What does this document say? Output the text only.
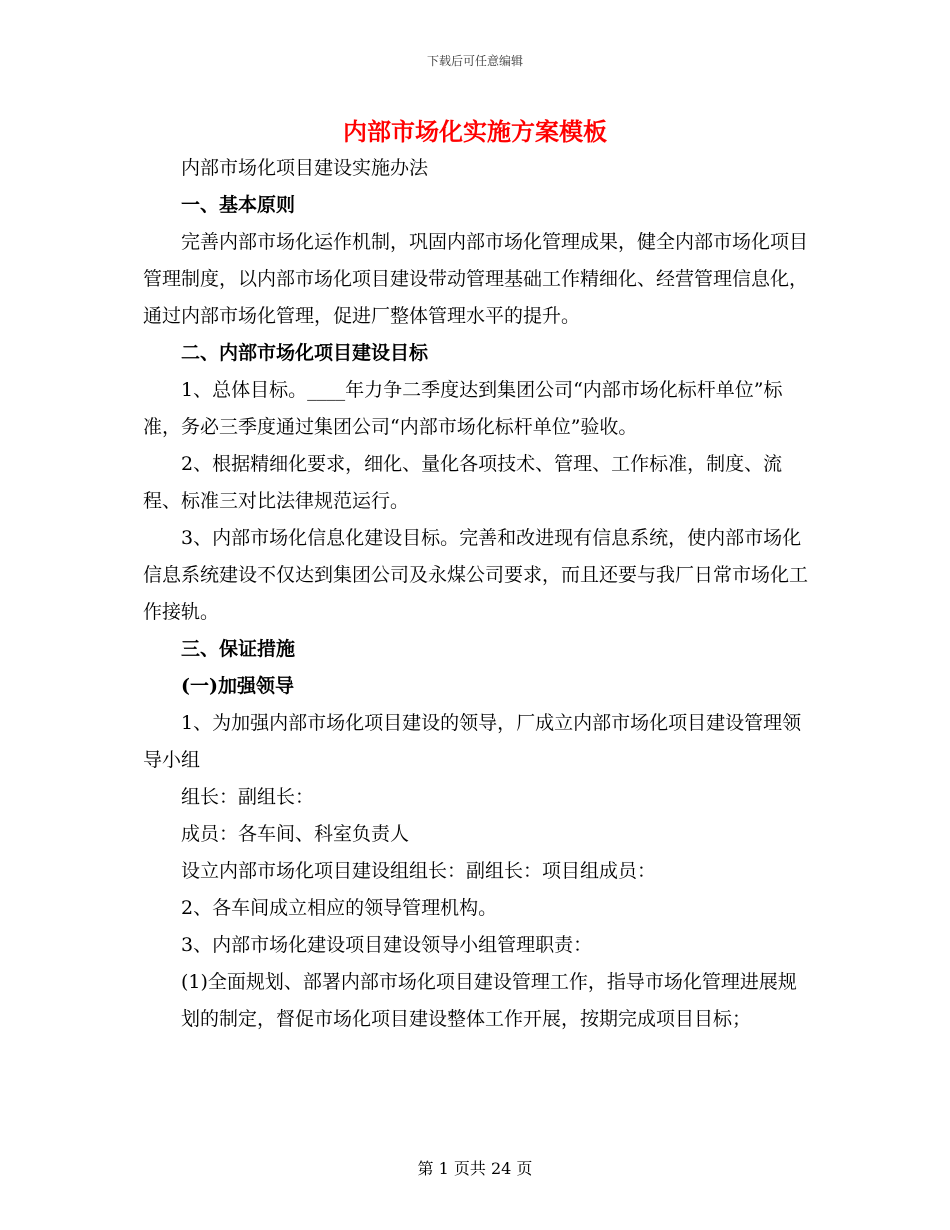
下载后可任意编辑
内部市场化实施方案模板

内部市场化项目建设实施办法

一、基本原则

完善内部市场化运作机制，巩固内部市场化管理成果，健全内部市场化项目管理制度，以内部市场化项目建设带动管理基础工作精细化、经营管理信息化，通过内部市场化管理，促进厂整体管理水平的提升。

二、内部市场化项目建设目标

1、总体目标。____年力争二季度达到集团公司“内部市场化标杆单位”标准，务必三季度通过集团公司“内部市场化标杆单位”验收。

2、根据精细化要求，细化、量化各项技术、管理、工作标准，制度、流程、标准三对比法律规范运行。

3、内部市场化信息化建设目标。完善和改进现有信息系统，使内部市场化信息系统建设不仅达到集团公司及永煤公司要求，而且还要与我厂日常市场化工作接轨。

三、保证措施

(一)加强领导

1、为加强内部市场化项目建设的领导，厂成立内部市场化项目建设管理领导小组

组长：副组长：

成员：各车间、科室负责人

设立内部市场化项目建设组组长：副组长：项目组成员：

2、各车间成立相应的领导管理机构。

3、内部市场化建设项目建设领导小组管理职责：

(1)全面规划、部署内部市场化项目建设管理工作，指导市场化管理进展规划的制定，督促市场化项目建设整体工作开展，按期完成项目目标；

第 1 页共 24 页
